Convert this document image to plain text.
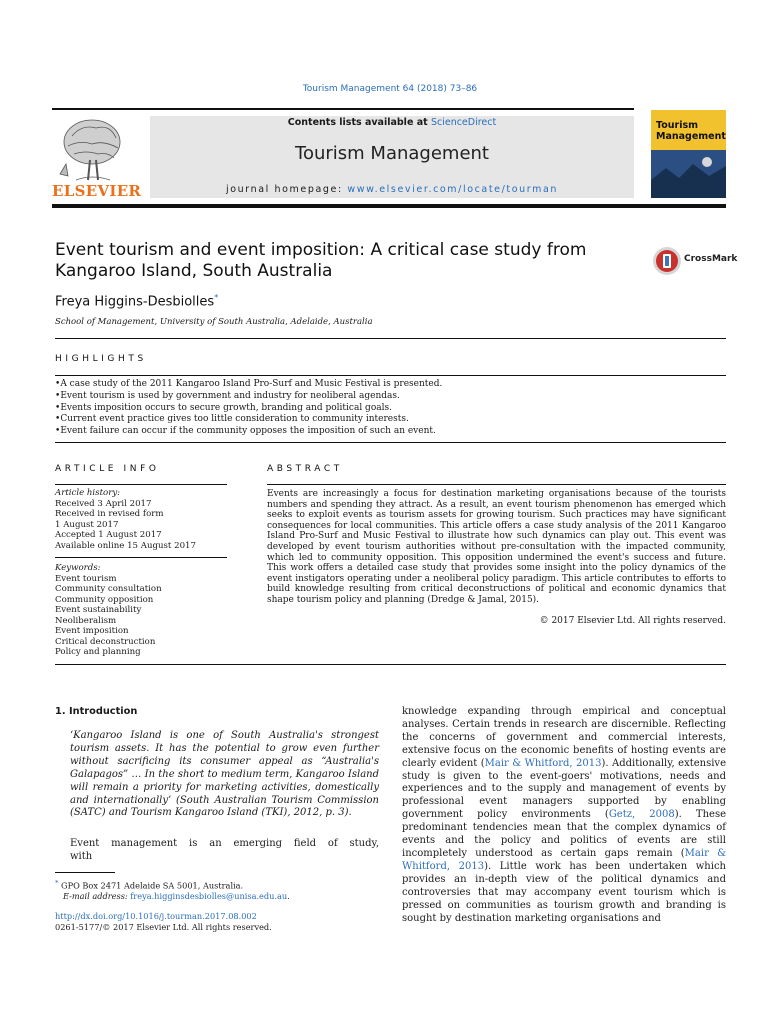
Tourism Management 64 (2018) 73–86
ELSEVIER
Contents lists available at ScienceDirect
Tourism Management
journal homepage: www.elsevier.com/locate/tourman
Tourism
Management
Event tourism and event imposition: A critical case study from Kangaroo Island, South Australia
CrossMark
Freya Higgins-Desbiolles*
School of Management, University of South Australia, Adelaide, Australia
HIGHLIGHTS
• A case study of the 2011 Kangaroo Island Pro-Surf and Music Festival is presented.
• Event tourism is used by government and industry for neoliberal agendas.
• Events imposition occurs to secure growth, branding and political goals.
• Current event practice gives too little consideration to community interests.
• Event failure can occur if the community opposes the imposition of such an event.
ARTICLE INFO	ABSTRACT
Article history:
Received 3 April 2017
Received in revised form
1 August 2017
Accepted 1 August 2017
Available online 15 August 2017
Keywords:
Event tourism
Community consultation
Community opposition
Event sustainability
Neoliberalism
Event imposition
Critical deconstruction
Policy and planning
Events are increasingly a focus for destination marketing organisations because of the tourists numbers and spending they attract. As a result, an event tourism phenomenon has emerged which seeks to exploit events as tourism assets for growing tourism. Such practices may have significant consequences for local communities. This article offers a case study analysis of the 2011 Kangaroo Island Pro-Surf and Music Festival to illustrate how such dynamics can play out. This event was developed by event tourism authorities without pre-consultation with the impacted community, which led to community opposition. This opposition undermined the event's success and future. This work offers a detailed case study that provides some insight into the policy dynamics of the event instigators operating under a neoliberal policy paradigm. This article contributes to efforts to build knowledge resulting from critical deconstructions of political and economic dynamics that shape tourism policy and planning (Dredge & Jamal, 2015).
© 2017 Elsevier Ltd. All rights reserved.
1. Introduction
‘Kangaroo Island is one of South Australia's strongest tourism assets. It has the potential to grow even further without sacrificing its consumer appeal as “Australia's Galapagos” … In the short to medium term, Kangaroo Island will remain a priority for marketing activities, domestically and internationally’ (South Australian Tourism Commission (SATC) and Tourism Kangaroo Island (TKI), 2012, p. 3).
Event management is an emerging field of study, with
knowledge expanding through empirical and conceptual analyses. Certain trends in research are discernible. Reflecting the concerns of government and commercial interests, extensive focus on the economic benefits of hosting events are clearly evident (Mair & Whitford, 2013). Additionally, extensive study is given to the event-goers' motivations, needs and experiences and to the supply and management of events by professional event managers supported by enabling government policy environments (Getz, 2008). These predominant tendencies mean that the complex dynamics of events and the policy and politics of events are still incompletely understood as certain gaps remain (Mair & Whitford, 2013). Little work has been undertaken which provides an in-depth view of the political dynamics and controversies that may accompany event tourism which is pressed on communities as tourism growth and branding is sought by destination marketing organisations and
* GPO Box 2471 Adelaide SA 5001, Australia.
E-mail address: freya.higginsdesbiolles@unisa.edu.au.
http://dx.doi.org/10.1016/j.tourman.2017.08.002
0261-5177/© 2017 Elsevier Ltd. All rights reserved.
